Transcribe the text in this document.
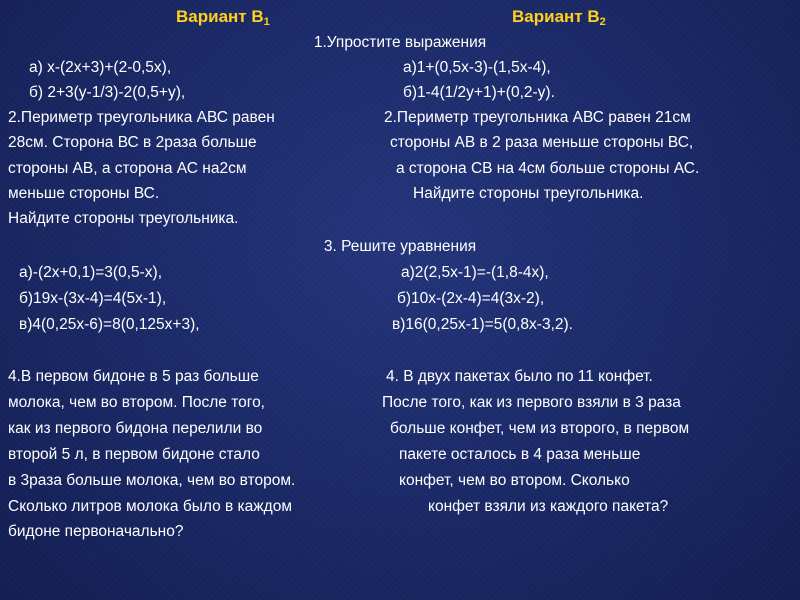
Вариант $В_1$	Вариант $В_2$
1.Упростите выражения
а) х-(2х+3)+(2-0,5х),
б) 2+3(у-1/3)-2(0,5+у),
а)1+(0,5х-3)-(1,5х-4),
б)1-4(1/2у+1)+(0,2-у).
2.Периметр треугольника АВС равен
28см. Сторона ВС в 2раза больше
стороны АВ, а сторона АС на2см
меньше стороны ВС.
Найдите стороны треугольника.
2.Периметр треугольника АВС равен 21см
стороны АВ в 2 раза меньше стороны ВС,
а сторона СВ на 4см больше стороны АС.
Найдите стороны треугольника.
3. Решите уравнения
а)-(2х+0,1)=3(0,5-х),
б)19х-(3х-4)=4(5х-1),
в)4(0,25х-6)=8(0,125х+3),
а)2(2,5х-1)=-(1,8-4х),
б)10х-(2х-4)=4(3х-2),
в)16(0,25х-1)=5(0,8х-3,2).
4.В первом бидоне в 5 раз больше
молока, чем во втором. После того,
как из первого бидона перелили во
второй 5 л, в первом бидоне стало
в 3раза больше молока, чем во втором.
Сколько литров молока было в каждом
бидоне первоначально?
4. В двух пакетах было по 11 конфет.
После того, как из первого взяли в 3 раза
больше конфет, чем из второго, в первом
пакете осталось в 4 раза меньше
конфет, чем во втором. Сколько
конфет взяли из каждого пакета?
